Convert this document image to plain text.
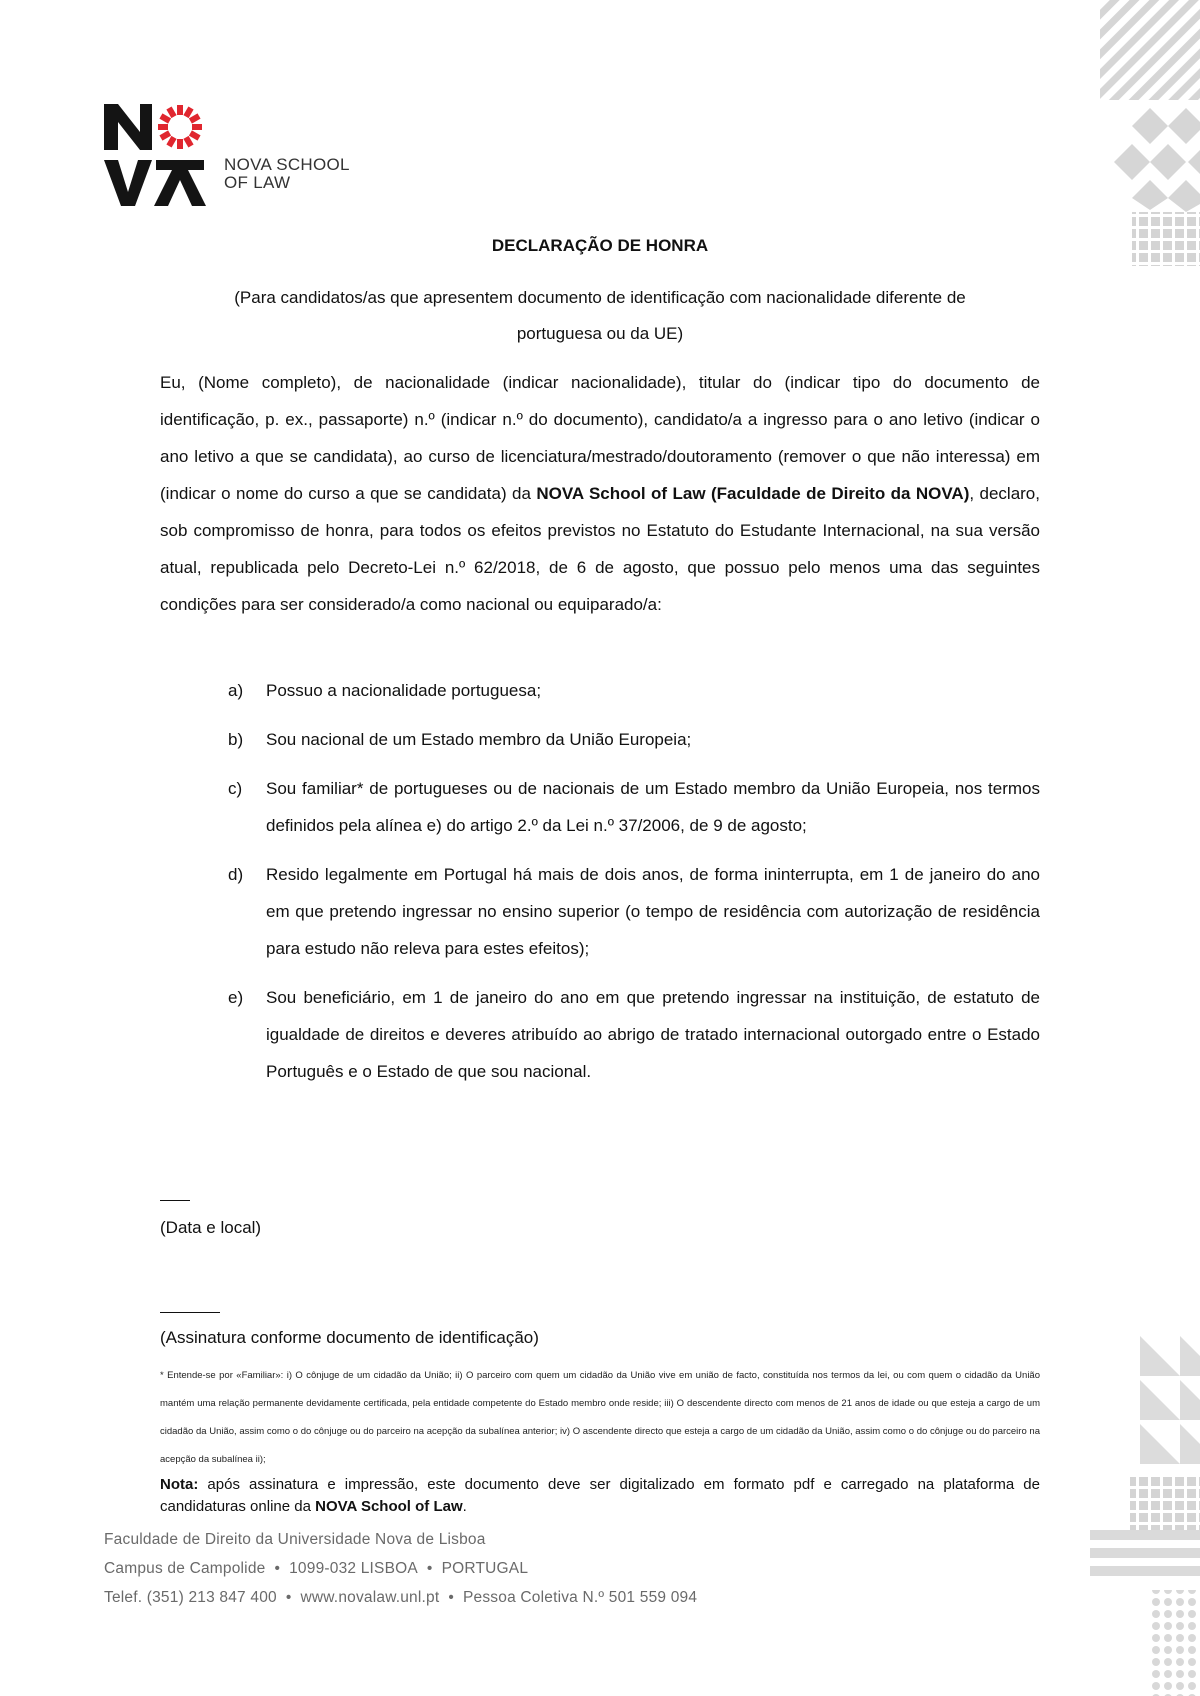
NOVA SCHOOL
OF LAW
DECLARAÇÃO DE HONRA
(Para candidatos/as que apresentem documento de identificação com nacionalidade diferente de portuguesa ou da UE)
Eu, (Nome completo), de nacionalidade (indicar nacionalidade), titular do (indicar tipo do documento de identificação, p. ex., passaporte) n.º (indicar n.º do documento), candidato/a a ingresso para o ano letivo (indicar o ano letivo a que se candidata), ao curso de licenciatura/mestrado/doutoramento (remover o que não interessa) em (indicar o nome do curso a que se candidata) da NOVA School of Law (Faculdade de Direito da NOVA), declaro, sob compromisso de honra, para todos os efeitos previstos no Estatuto do Estudante Internacional, na sua versão atual, republicada pelo Decreto-Lei n.º 62/2018, de 6 de agosto, que possuo pelo menos uma das seguintes condições para ser considerado/a como nacional ou equiparado/a:
a) Possuo a nacionalidade portuguesa;
b) Sou nacional de um Estado membro da União Europeia;
c) Sou familiar* de portugueses ou de nacionais de um Estado membro da União Europeia, nos termos definidos pela alínea e) do artigo 2.º da Lei n.º 37/2006, de 9 de agosto;
d) Resido legalmente em Portugal há mais de dois anos, de forma ininterrupta, em 1 de janeiro do ano em que pretendo ingressar no ensino superior (o tempo de residência com autorização de residência para estudo não releva para estes efeitos);
e) Sou beneficiário, em 1 de janeiro do ano em que pretendo ingressar na instituição, de estatuto de igualdade de direitos e deveres atribuído ao abrigo de tratado internacional outorgado entre o Estado Português e o Estado de que sou nacional.
(Data e local)
(Assinatura conforme documento de identificação)
* Entende-se por «Familiar»: i) O cônjuge de um cidadão da União; ii) O parceiro com quem um cidadão da União vive em união de facto, constituída nos termos da lei, ou com quem o cidadão da União mantém uma relação permanente devidamente certificada, pela entidade competente do Estado membro onde reside; iii) O descendente directo com menos de 21 anos de idade ou que esteja a cargo de um cidadão da União, assim como o do cônjuge ou do parceiro na acepção da subalínea anterior; iv) O ascendente directo que esteja a cargo de um cidadão da União, assim como o do cônjuge ou do parceiro na acepção da subalínea ii);
Nota: após assinatura e impressão, este documento deve ser digitalizado em formato pdf e carregado na plataforma de candidaturas online da NOVA School of Law.
Faculdade de Direito da Universidade Nova de Lisboa
Campus de Campolide • 1099-032 LISBOA • PORTUGAL
Telef. (351) 213 847 400 • www.novalaw.unl.pt • Pessoa Coletiva N.º 501 559 094
